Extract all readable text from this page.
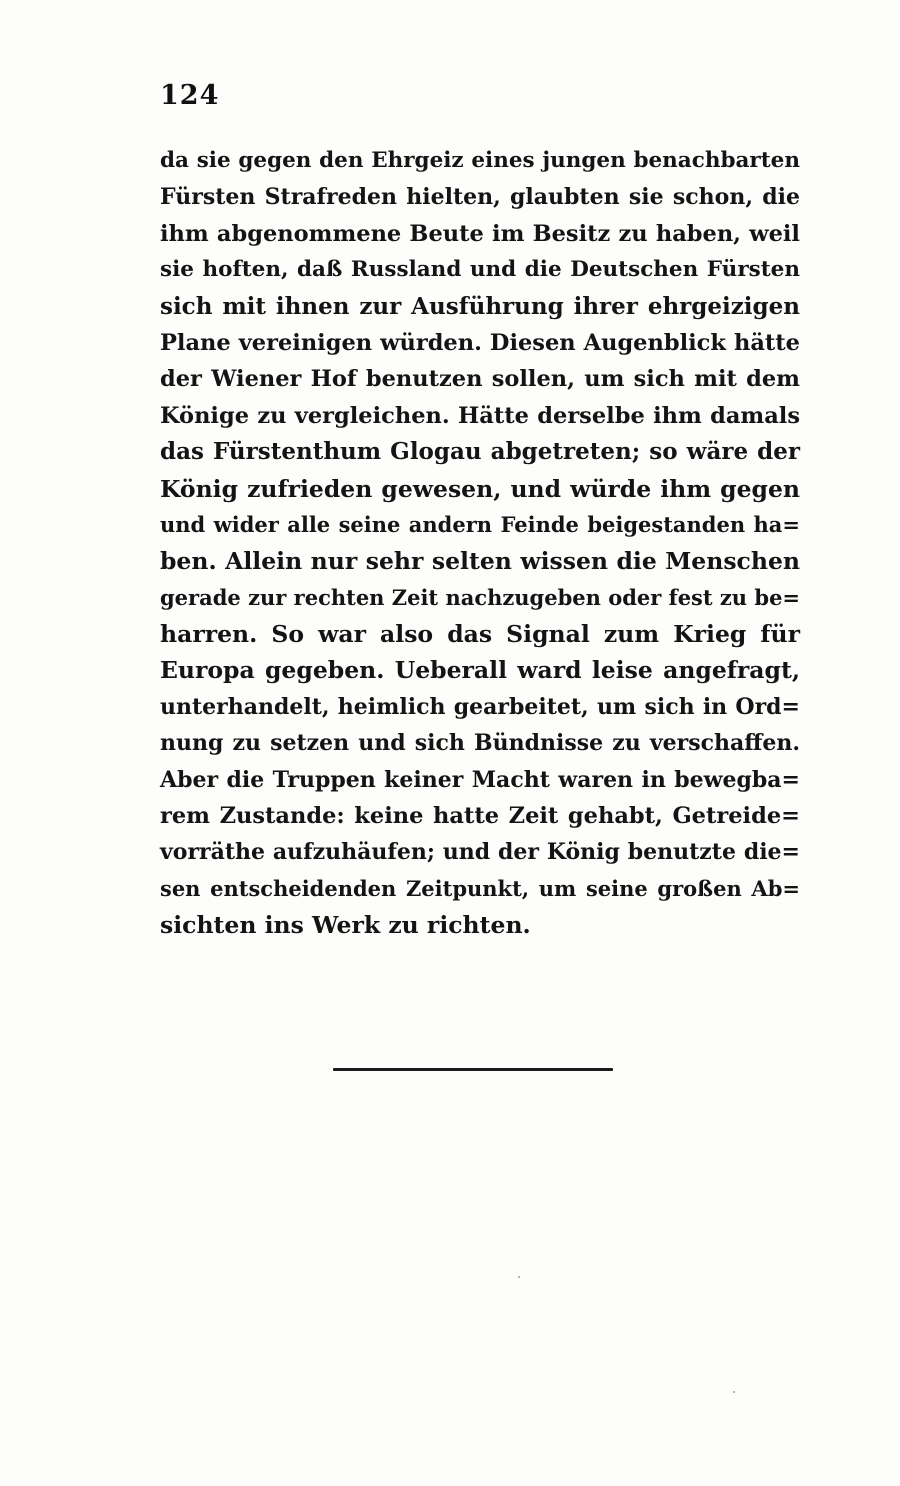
124
da sie gegen den Ehrgeiz eines jungen benachbarten
Fürsten Strafreden hielten, glaubten sie schon, die
ihm abgenommene Beute im Besitz zu haben, weil
sie hoften, daß Russland und die Deutschen Fürsten
sich mit ihnen zur Ausführung ihrer ehrgeizigen
Plane vereinigen würden. Diesen Augenblick hätte
der Wiener Hof benutzen sollen, um sich mit dem
Könige zu vergleichen. Hätte derselbe ihm damals
das Fürstenthum Glogau abgetreten; so wäre der
König zufrieden gewesen, und würde ihm gegen
und wider alle seine andern Feinde beigestanden ha=
ben. Allein nur sehr selten wissen die Menschen
gerade zur rechten Zeit nachzugeben oder fest zu be=
harren. So war also das Signal zum Krieg für
Europa gegeben. Ueberall ward leise angefragt,
unterhandelt, heimlich gearbeitet, um sich in Ord=
nung zu setzen und sich Bündnisse zu verschaffen.
Aber die Truppen keiner Macht waren in bewegba=
rem Zustande: keine hatte Zeit gehabt, Getreide=
vorräthe aufzuhäufen; und der König benutzte die=
sen entscheidenden Zeitpunkt, um seine großen Ab=
sichten ins Werk zu richten.
